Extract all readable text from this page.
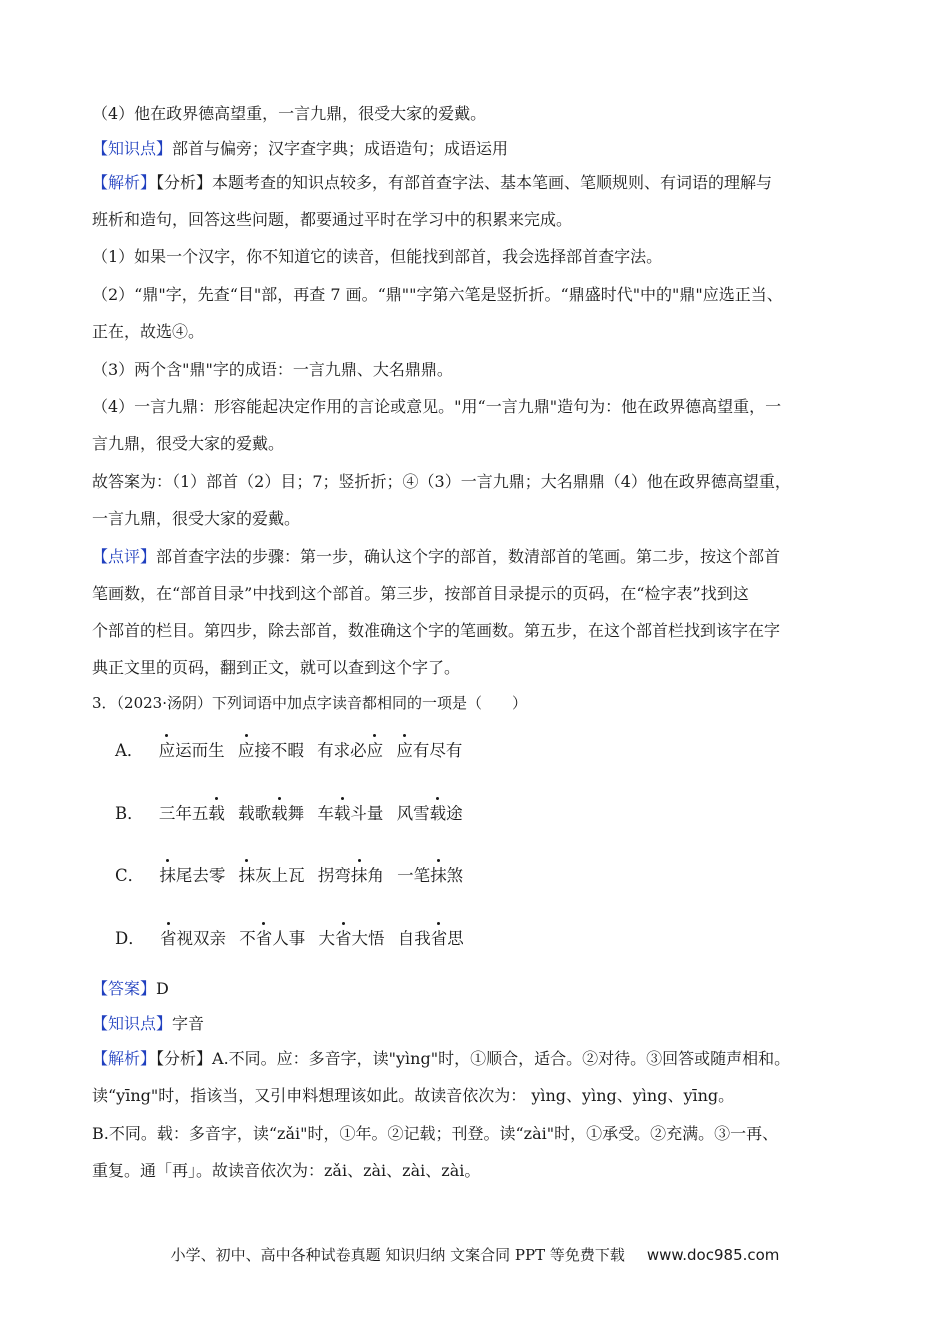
（4）他在政界德高望重，一言九鼎，很受大家的爱戴。
【知识点】部首与偏旁；汉字查字典；成语造句；成语运用
【解析】【分析】本题考查的知识点较多，有部首查字法、基本笔画、笔顺规则、有词语的理解与
班析和造句，回答这些问题，都要通过平时在学习中的积累来完成。
（1）如果一个汉字，你不知道它的读音，但能找到部首，我会选择部首查字法。
（2）“鼎"字，先查“目"部，再查 7 画。“鼎""字第六笔是竖折折。“鼎盛时代"中的"鼎"应选正当、
正在，故选④。
（3）两个含"鼎"字的成语：一言九鼎、大名鼎鼎。
（4）一言九鼎：形容能起决定作用的言论或意见。"用“一言九鼎"造句为：他在政界德高望重，一
言九鼎，很受大家的爱戴。
故答案为：（1）部首（2）目；7；竖折折；④（3）一言九鼎；大名鼎鼎（4）他在政界德高望重，
一言九鼎，很受大家的爱戴。
【点评】部首查字法的步骤：第一步，确认这个字的部首，数清部首的笔画。第二步，按这个部首
笔画数，在“部首目录”中找到这个部首。第三步，按部首目录提示的页码，在“检字表”找到这
个部首的栏目。第四步，除去部首，数准确这个字的笔画数。第五步，在这个部首栏找到该字在字
典正文里的页码，翻到正文，就可以查到这个字了。
3．（2023·汤阴）下列词语中加点字读音都相同的一项是（　　）
A． 应运而生 应接不暇 有求必应 应有尽有
B． 三年五载 载歌载舞 车载斗量 风雪载途
C． 抹尾去零 抹灰上瓦 拐弯抹角 一笔抹煞
D． 省视双亲 不省人事 大省大悟 自我省思
【答案】D
【知识点】字音
【解析】【分析】A.不同。应：多音字，读"yìng"时，①顺合，适合。②对待。③回答或随声相和。
读“yīng"时，指该当，又引申料想理该如此。故读音依次为： yìng、yìng、yìng、yīng。
B.不同。载：多音字，读“zǎi"时，①年。②记载；刊登。读“zài"时，①承受。②充满。③一再、
重复。通「再」。故读音依次为：zǎi、zài、zài、zài。
小学、初中、高中各种试卷真题 知识归纳 文案合同 PPT 等免费下载 www.doc985.com
